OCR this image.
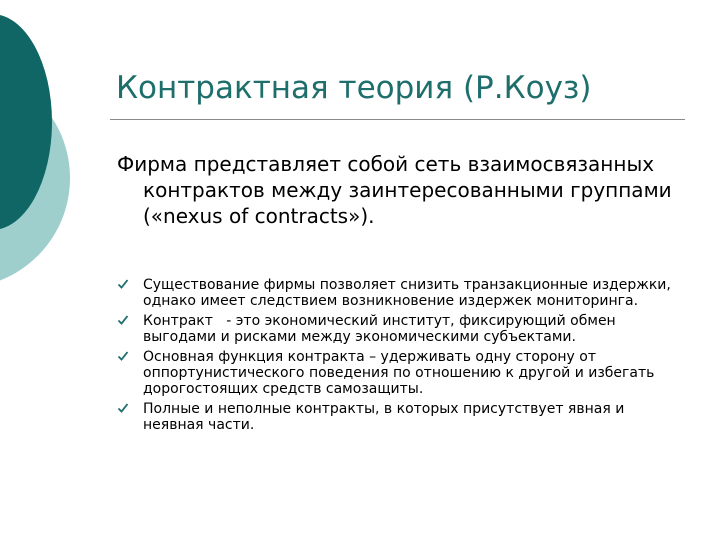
Контрактная теория (Р.Коуз)
Фирма представляет собой сеть взаимосвязанных контрактов между заинтересованными группами («nexus of contracts»).
Существование фирмы позволяет снизить транзакционные издержки, однако имеет следствием возникновение издержек мониторинга.
Контракт   - это экономический институт, фиксирующий обмен выгодами и рисками между экономическими субъектами.
Основная функция контракта – удерживать одну сторону от оппортунистического поведения по отношению к другой и избегать дорогостоящих средств самозащиты.
Полные и неполные контракты, в которых присутствует явная и неявная части.
